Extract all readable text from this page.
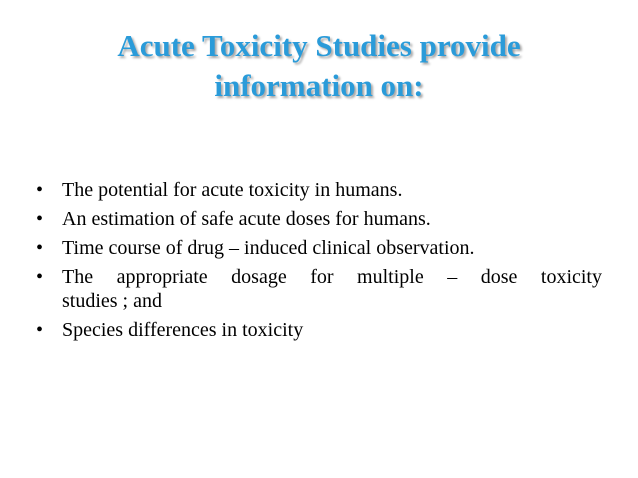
Acute Toxicity Studies provide
information on:
• The potential for acute toxicity in humans.
• An estimation of safe acute doses for humans.
• Time course of drug – induced clinical observation.
• The appropriate dosage for multiple – dose toxicity
studies ; and
• Species differences in toxicity
